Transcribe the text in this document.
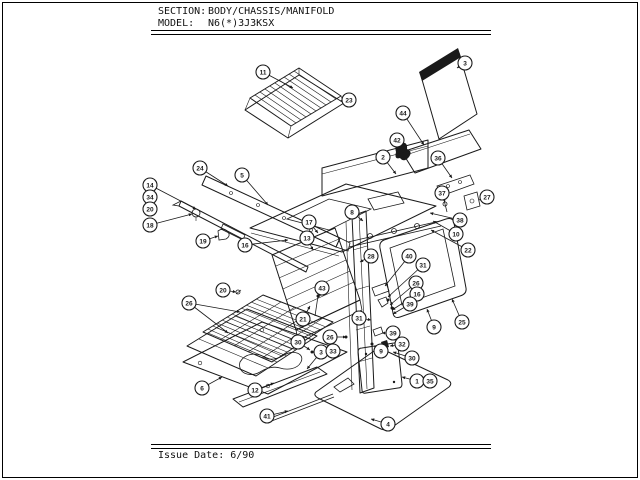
SECTION: BODY/CHASSIS/MANIFOLD
MODEL: N6(*)3J3KSX
11
23
3
44
2
42
36
37
27
38
10
22
14
34
20
18
24
5
19
16
17
13
8
28	40
31
26
16
39
43
20
21
26
31
39
32
9
30
9
25
1 35
4
26
30
3 33
6	12
41
Issue Date: 6/90
